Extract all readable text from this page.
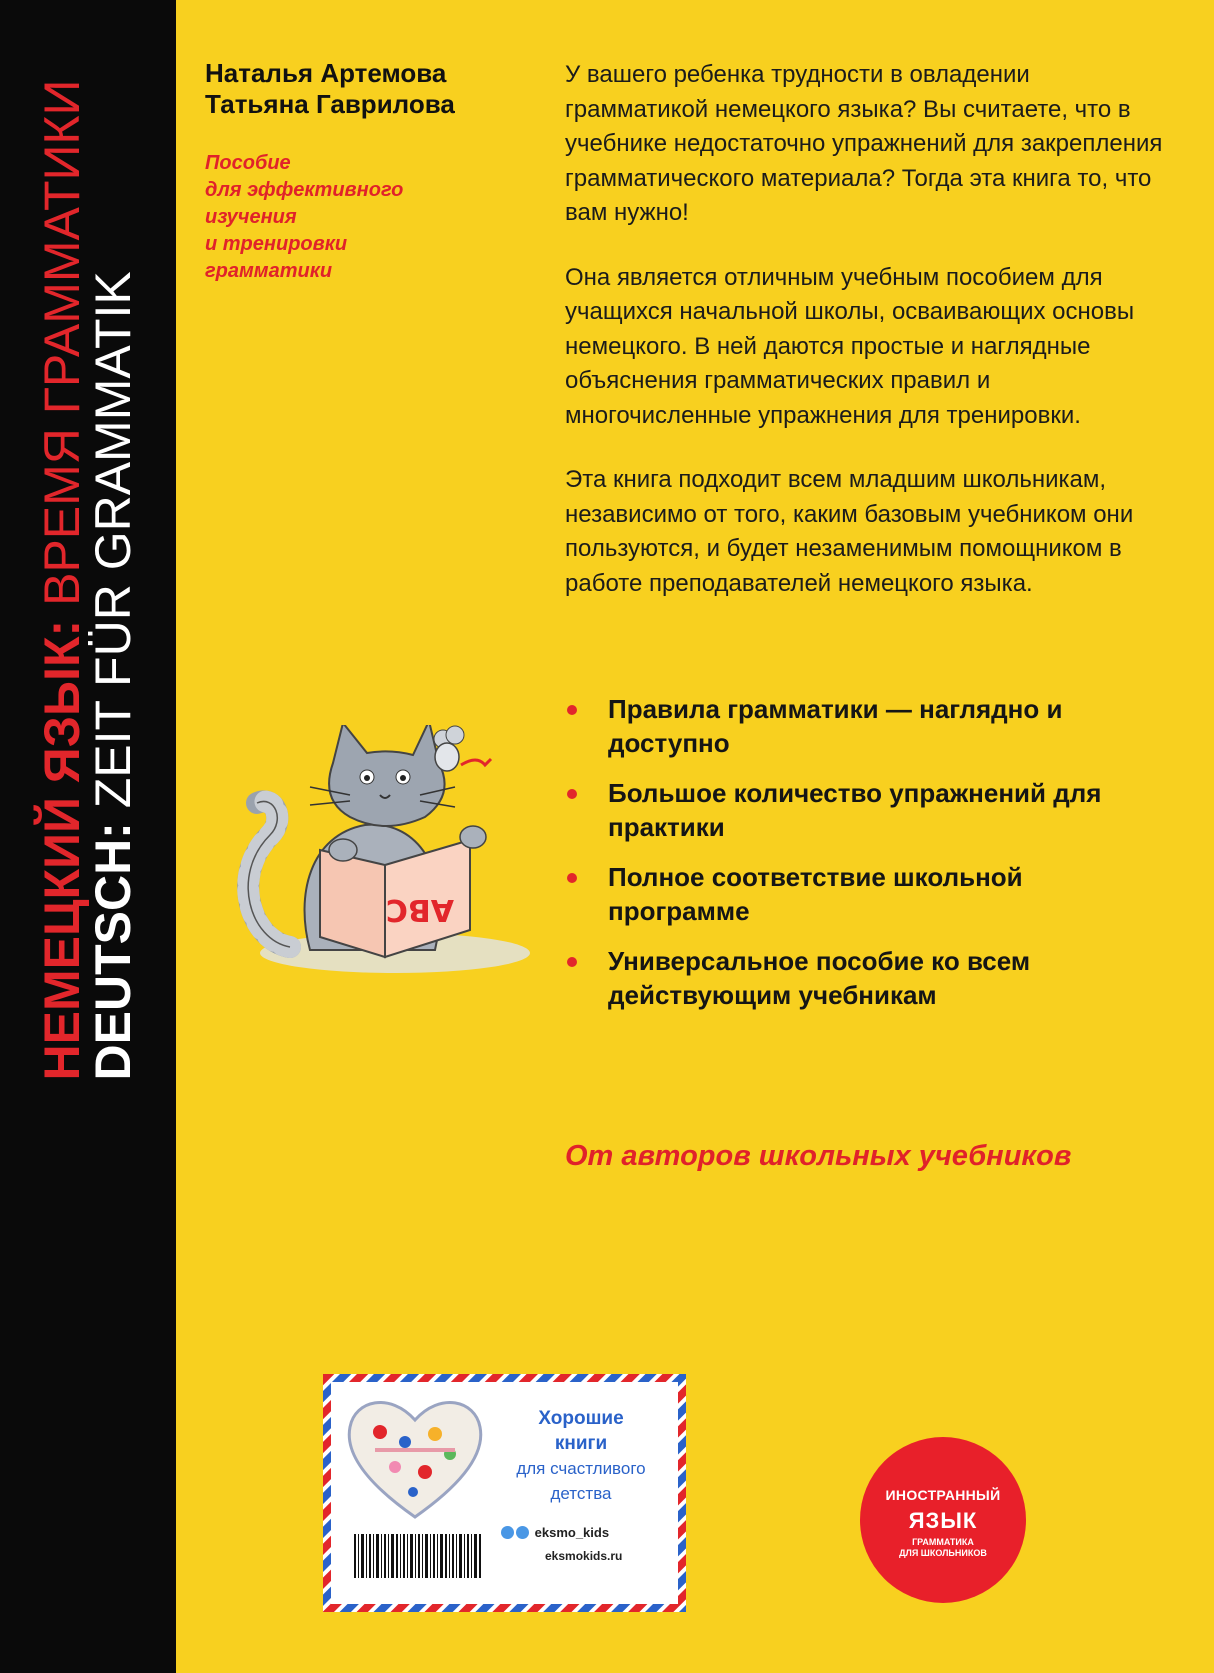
НЕМЕЦКИЙ ЯЗЫК: ВРЕМЯ ГРАММАТИКИ
DEUTSCH: ZEIT FÜR GRAMMATIK
Наталья Артемова
Татьяна Гаврилова
Пособие
для эффективного
изучения
и тренировки
грамматики

У вашего ребенка трудности в овладении грамматикой немецкого языка? Вы считаете, что в учебнике недостаточно упражнений для закрепления грамматического материала? Тогда эта книга то, что вам нужно!

Она является отличным учебным пособием для учащихся начальной школы, осваивающих основы немецкого. В ней даются простые и наглядные объяснения грамматических правил и многочисленные упражнения для тренировки.

Эта книга подходит всем младшим школьникам, независимо от того, каким базовым учебником они пользуются, и будет незаменимым помощником в работе преподавателей немецкого языка.

Правила грамматики — наглядно и доступно
Большое количество упражнений для практики
Полное соответствие школьной программе
Универсальное пособие ко всем действующим учебникам
От авторов школьных учебников
ABC
Хорошие
книги
для счастливого
детства
eksmo_kids
eksmokids.ru
ИНОСТРАННЫЙ
ЯЗЫК
ГРАММАТИКА
ДЛЯ ШКОЛЬНИКОВ
